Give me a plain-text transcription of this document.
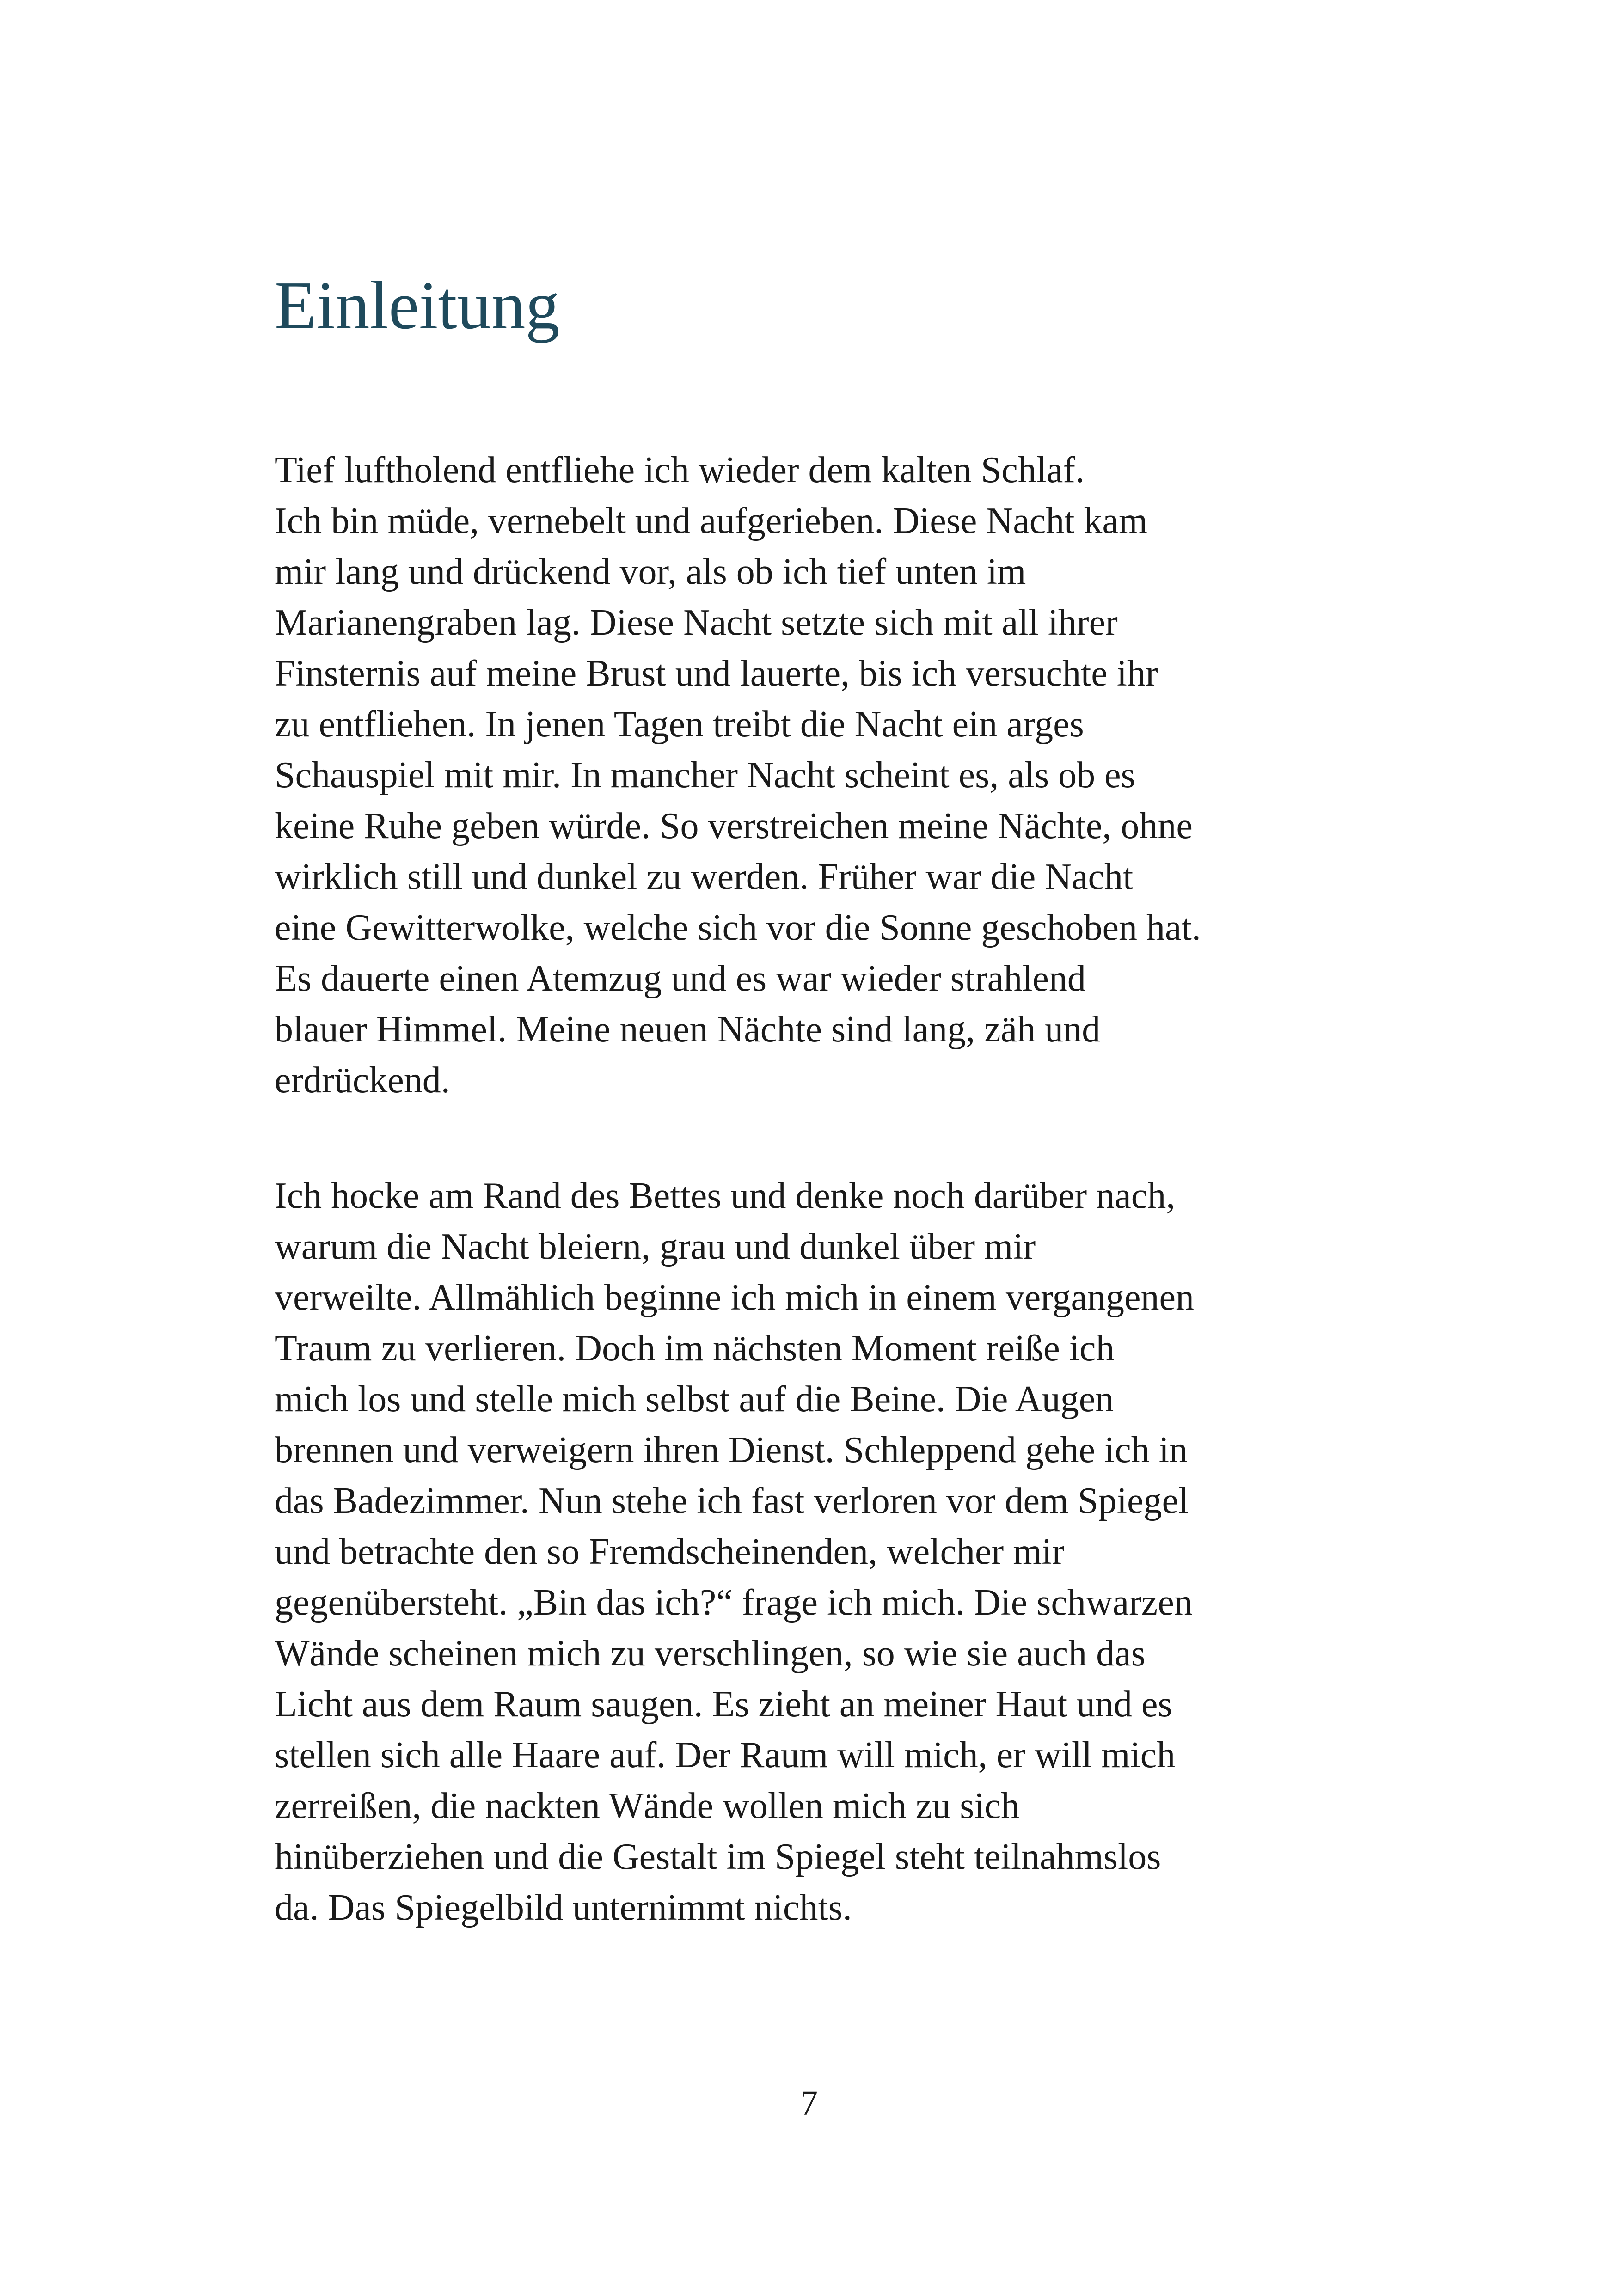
Einleitung
Tief luftholend entfliehe ich wieder dem kalten Schlaf.
Ich bin müde, vernebelt und aufgerieben. Diese Nacht kam
mir lang und drückend vor, als ob ich tief unten im
Marianengraben lag. Diese Nacht setzte sich mit all ihrer
Finsternis auf meine Brust und lauerte, bis ich versuchte ihr
zu entfliehen. In jenen Tagen treibt die Nacht ein arges
Schauspiel mit mir. In mancher Nacht scheint es, als ob es
keine Ruhe geben würde. So verstreichen meine Nächte, ohne
wirklich still und dunkel zu werden. Früher war die Nacht
eine Gewitterwolke, welche sich vor die Sonne geschoben hat.
Es dauerte einen Atemzug und es war wieder strahlend
blauer Himmel. Meine neuen Nächte sind lang, zäh und
erdrückend.
Ich hocke am Rand des Bettes und denke noch darüber nach,
warum die Nacht bleiern, grau und dunkel über mir
verweilte. Allmählich beginne ich mich in einem vergangenen
Traum zu verlieren. Doch im nächsten Moment reiße ich
mich los und stelle mich selbst auf die Beine. Die Augen
brennen und verweigern ihren Dienst. Schleppend gehe ich in
das Badezimmer. Nun stehe ich fast verloren vor dem Spiegel
und betrachte den so Fremdscheinenden, welcher mir
gegenübersteht. „Bin das ich?“ frage ich mich. Die schwarzen
Wände scheinen mich zu verschlingen, so wie sie auch das
Licht aus dem Raum saugen. Es zieht an meiner Haut und es
stellen sich alle Haare auf. Der Raum will mich, er will mich
zerreißen, die nackten Wände wollen mich zu sich
hinüberziehen und die Gestalt im Spiegel steht teilnahmslos
da. Das Spiegelbild unternimmt nichts.
7
